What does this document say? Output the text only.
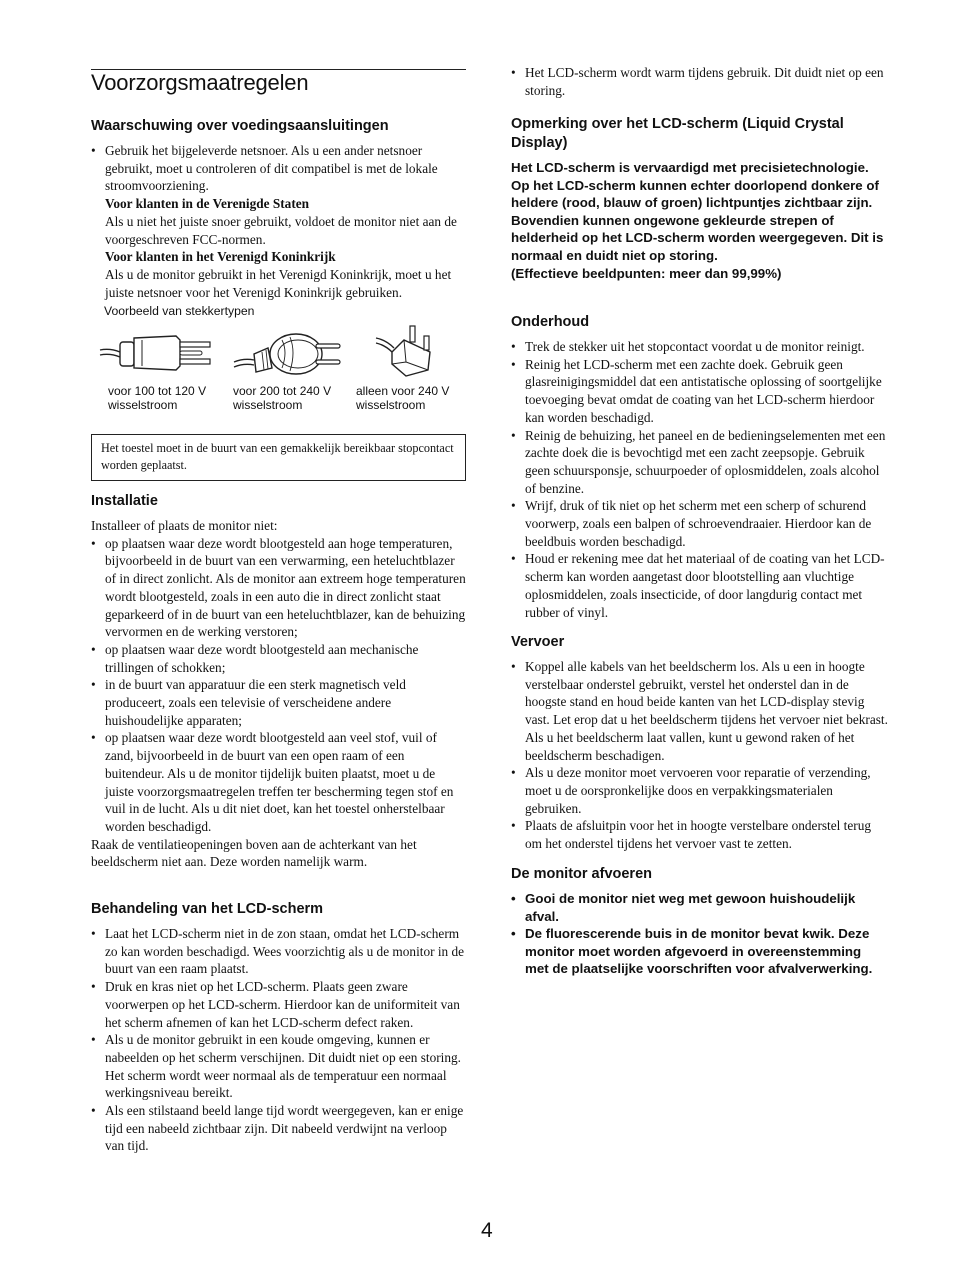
Voorzorgsmaatregelen
Waarschuwing over voedingsaansluitingen
• Gebruik het bijgeleverde netsnoer. Als u een ander netsnoer gebruikt, moet u controleren of dit compatibel is met de lokale stroomvoorziening.
Voor klanten in de Verenigde Staten
Als u niet het juiste snoer gebruikt, voldoet de monitor niet aan de voorgeschreven FCC-normen.
Voor klanten in het Verenigd Koninkrijk
Als u de monitor gebruikt in het Verenigd Koninkrijk, moet u het juiste netsnoer voor het Verenigd Koninkrijk gebruiken.
Voorbeeld van stekkertypen
voor 100 tot 120 V wisselstroom
voor 200 tot 240 V wisselstroom
alleen voor 240 V wisselstroom
Het toestel moet in de buurt van een gemakkelijk bereikbaar stopcontact worden geplaatst.
Installatie

Installeer of plaats de monitor niet:

• op plaatsen waar deze wordt blootgesteld aan hoge temperaturen, bijvoorbeeld in de buurt van een verwarming, een heteluchtblazer of in direct zonlicht. Als de monitor aan extreem hoge temperaturen wordt blootgesteld, zoals in een auto die in direct zonlicht staat geparkeerd of in de buurt van een heteluchtblazer, kan de behuizing vervormen en de werking verstoren;
• op plaatsen waar deze wordt blootgesteld aan mechanische trillingen of schokken;
• in de buurt van apparatuur die een sterk magnetisch veld produceert, zoals een televisie of verscheidene andere huishoudelijke apparaten;
• op plaatsen waar deze wordt blootgesteld aan veel stof, vuil of zand, bijvoorbeeld in de buurt van een open raam of een buitendeur. Als u de monitor tijdelijk buiten plaatst, moet u de juiste voorzorgsmaatregelen treffen ter bescherming tegen stof en vuil in de lucht. Als u dit niet doet, kan het toestel onherstelbaar worden beschadigd.

Raak de ventilatieopeningen boven aan de achterkant van het beeldscherm niet aan. Deze worden namelijk warm.

Behandeling van het LCD-scherm
• Laat het LCD-scherm niet in de zon staan, omdat het LCD-scherm zo kan worden beschadigd. Wees voorzichtig als u de monitor in de buurt van een raam plaatst.
• Druk en kras niet op het LCD-scherm. Plaats geen zware voorwerpen op het LCD-scherm. Hierdoor kan de uniformiteit van het scherm afnemen of kan het LCD-scherm defect raken.
• Als u de monitor gebruikt in een koude omgeving, kunnen er nabeelden op het scherm verschijnen. Dit duidt niet op een storing. Het scherm wordt weer normaal als de temperatuur een normaal werkingsniveau bereikt.
• Als een stilstaand beeld lange tijd wordt weergegeven, kan er enige tijd een nabeeld zichtbaar zijn. Dit nabeeld verdwijnt na verloop van tijd.
• Het LCD-scherm wordt warm tijdens gebruik. Dit duidt niet op een storing.
Opmerking over het LCD-scherm (Liquid Crystal Display)
Het LCD-scherm is vervaardigd met precisietechnologie. Op het LCD-scherm kunnen echter doorlopend donkere of heldere (rood, blauw of groen) lichtpuntjes zichtbaar zijn. Bovendien kunnen ongewone gekleurde strepen of helderheid op het LCD-scherm worden weergegeven. Dit is normaal en duidt niet op storing.
(Effectieve beeldpunten: meer dan 99,99%)
Onderhoud
• Trek de stekker uit het stopcontact voordat u de monitor reinigt.
• Reinig het LCD-scherm met een zachte doek. Gebruik geen glasreinigingsmiddel dat een antistatische oplossing of soortgelijke toevoeging bevat omdat de coating van het LCD-scherm hierdoor kan worden beschadigd.
• Reinig de behuizing, het paneel en de bedieningselementen met een zachte doek die is bevochtigd met een zacht zeepsopje. Gebruik geen schuursponsje, schuurpoeder of oplosmiddelen, zoals alcohol of benzine.
• Wrijf, druk of tik niet op het scherm met een scherp of schurend voorwerp, zoals een balpen of schroevendraaier. Hierdoor kan de beeldbuis worden beschadigd.
• Houd er rekening mee dat het materiaal of de coating van het LCD-scherm kan worden aangetast door blootstelling aan vluchtige oplosmiddelen, zoals insecticide, of door langdurig contact met rubber of vinyl.
Vervoer
• Koppel alle kabels van het beeldscherm los. Als u een in hoogte verstelbaar onderstel gebruikt, verstel het onderstel dan in de hoogste stand en houd beide kanten van het LCD-display stevig vast. Let erop dat u het beeldscherm tijdens het vervoer niet bekrast. Als u het beeldscherm laat vallen, kunt u gewond raken of het beeldscherm beschadigen.
• Als u deze monitor moet vervoeren voor reparatie of verzending, moet u de oorspronkelijke doos en verpakkingsmaterialen gebruiken.
• Plaats de afsluitpin voor het in hoogte verstelbare onderstel terug om het onderstel tijdens het vervoer vast te zetten.
De monitor afvoeren
• Gooi de monitor niet weg met gewoon huishoudelijk afval.
• De fluorescerende buis in de monitor bevat kwik. Deze monitor moet worden afgevoerd in overeenstemming met de plaatselijke voorschriften voor afvalverwerking.
4
